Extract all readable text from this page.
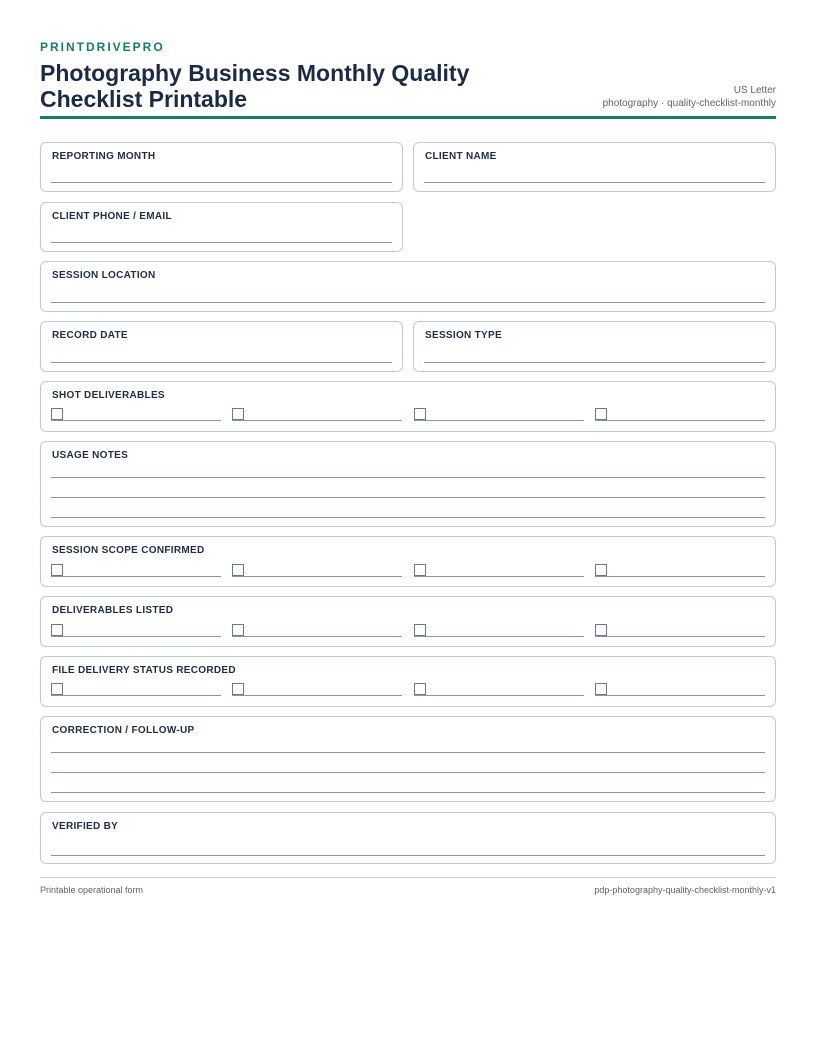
PRINTDRIVEPRO
Photography Business Monthly Quality Checklist Printable	US Letter
photography · quality-checklist-monthly
REPORTING MONTH	CLIENT NAME
CLIENT PHONE / EMAIL
SESSION LOCATION
RECORD DATE	SESSION TYPE
SHOT DELIVERABLES
USAGE NOTES
SESSION SCOPE CONFIRMED
DELIVERABLES LISTED
FILE DELIVERY STATUS RECORDED
CORRECTION / FOLLOW-UP
VERIFIED BY
Printable operational form	pdp-photography-quality-checklist-monthly-v1
